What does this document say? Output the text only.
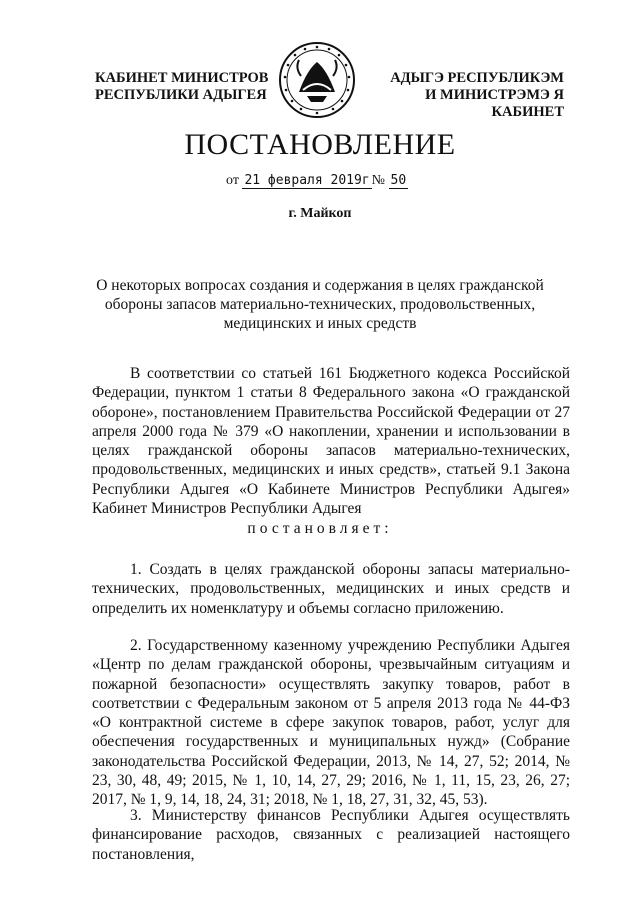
КАБИНЕТ МИНИСТРОВ
РЕСПУБЛИКИ АДЫГЕЯ
АДЫГЭ РЕСПУБЛИКЭМ
И МИНИСТРЭМЭ Я КАБИНЕТ
ПОСТАНОВЛЕНИЕ
от 21 февраля 2019г № 50
г. Майкоп
О некоторых вопросах создания и содержания в целях гражданской обороны запасов материально-технических, продовольственных, медицинских и иных средств

В соответствии со статьей 161 Бюджетного кодекса Российской Федерации, пунктом 1 статьи 8 Федерального закона «О гражданской обороне», постановлением Правительства Российской Федерации от 27 апреля 2000 года № 379 «О накоплении, хранении и использовании в целях гражданской обороны запасов материально-технических, продовольственных, медицинских и иных средств», статьей 9.1 Закона Республики Адыгея «О Кабинете Министров Республики Адыгея» Кабинет Министров Республики Адыгея

постановляет:

1. Создать в целях гражданской обороны запасы материально-технических, продовольственных, медицинских и иных средств и определить их номенклатуру и объемы согласно приложению.

2. Государственному казенному учреждению Республики Адыгея «Центр по делам гражданской обороны, чрезвычайным ситуациям и пожарной безопасности» осуществлять закупку товаров, работ в соответствии с Федеральным законом от 5 апреля 2013 года № 44-ФЗ «О контрактной системе в сфере закупок товаров, работ, услуг для обеспечения государственных и муниципальных нужд» (Собрание законодательства Российской Федерации, 2013, № 14, 27, 52; 2014, № 23, 30, 48, 49; 2015, № 1, 10, 14, 27, 29; 2016, № 1, 11, 15, 23, 26, 27; 2017, № 1, 9, 14, 18, 24, 31; 2018, № 1, 18, 27, 31, 32, 45, 53).

3. Министерству финансов Республики Адыгея осуществлять финансирование расходов, связанных с реализацией настоящего постановления,
